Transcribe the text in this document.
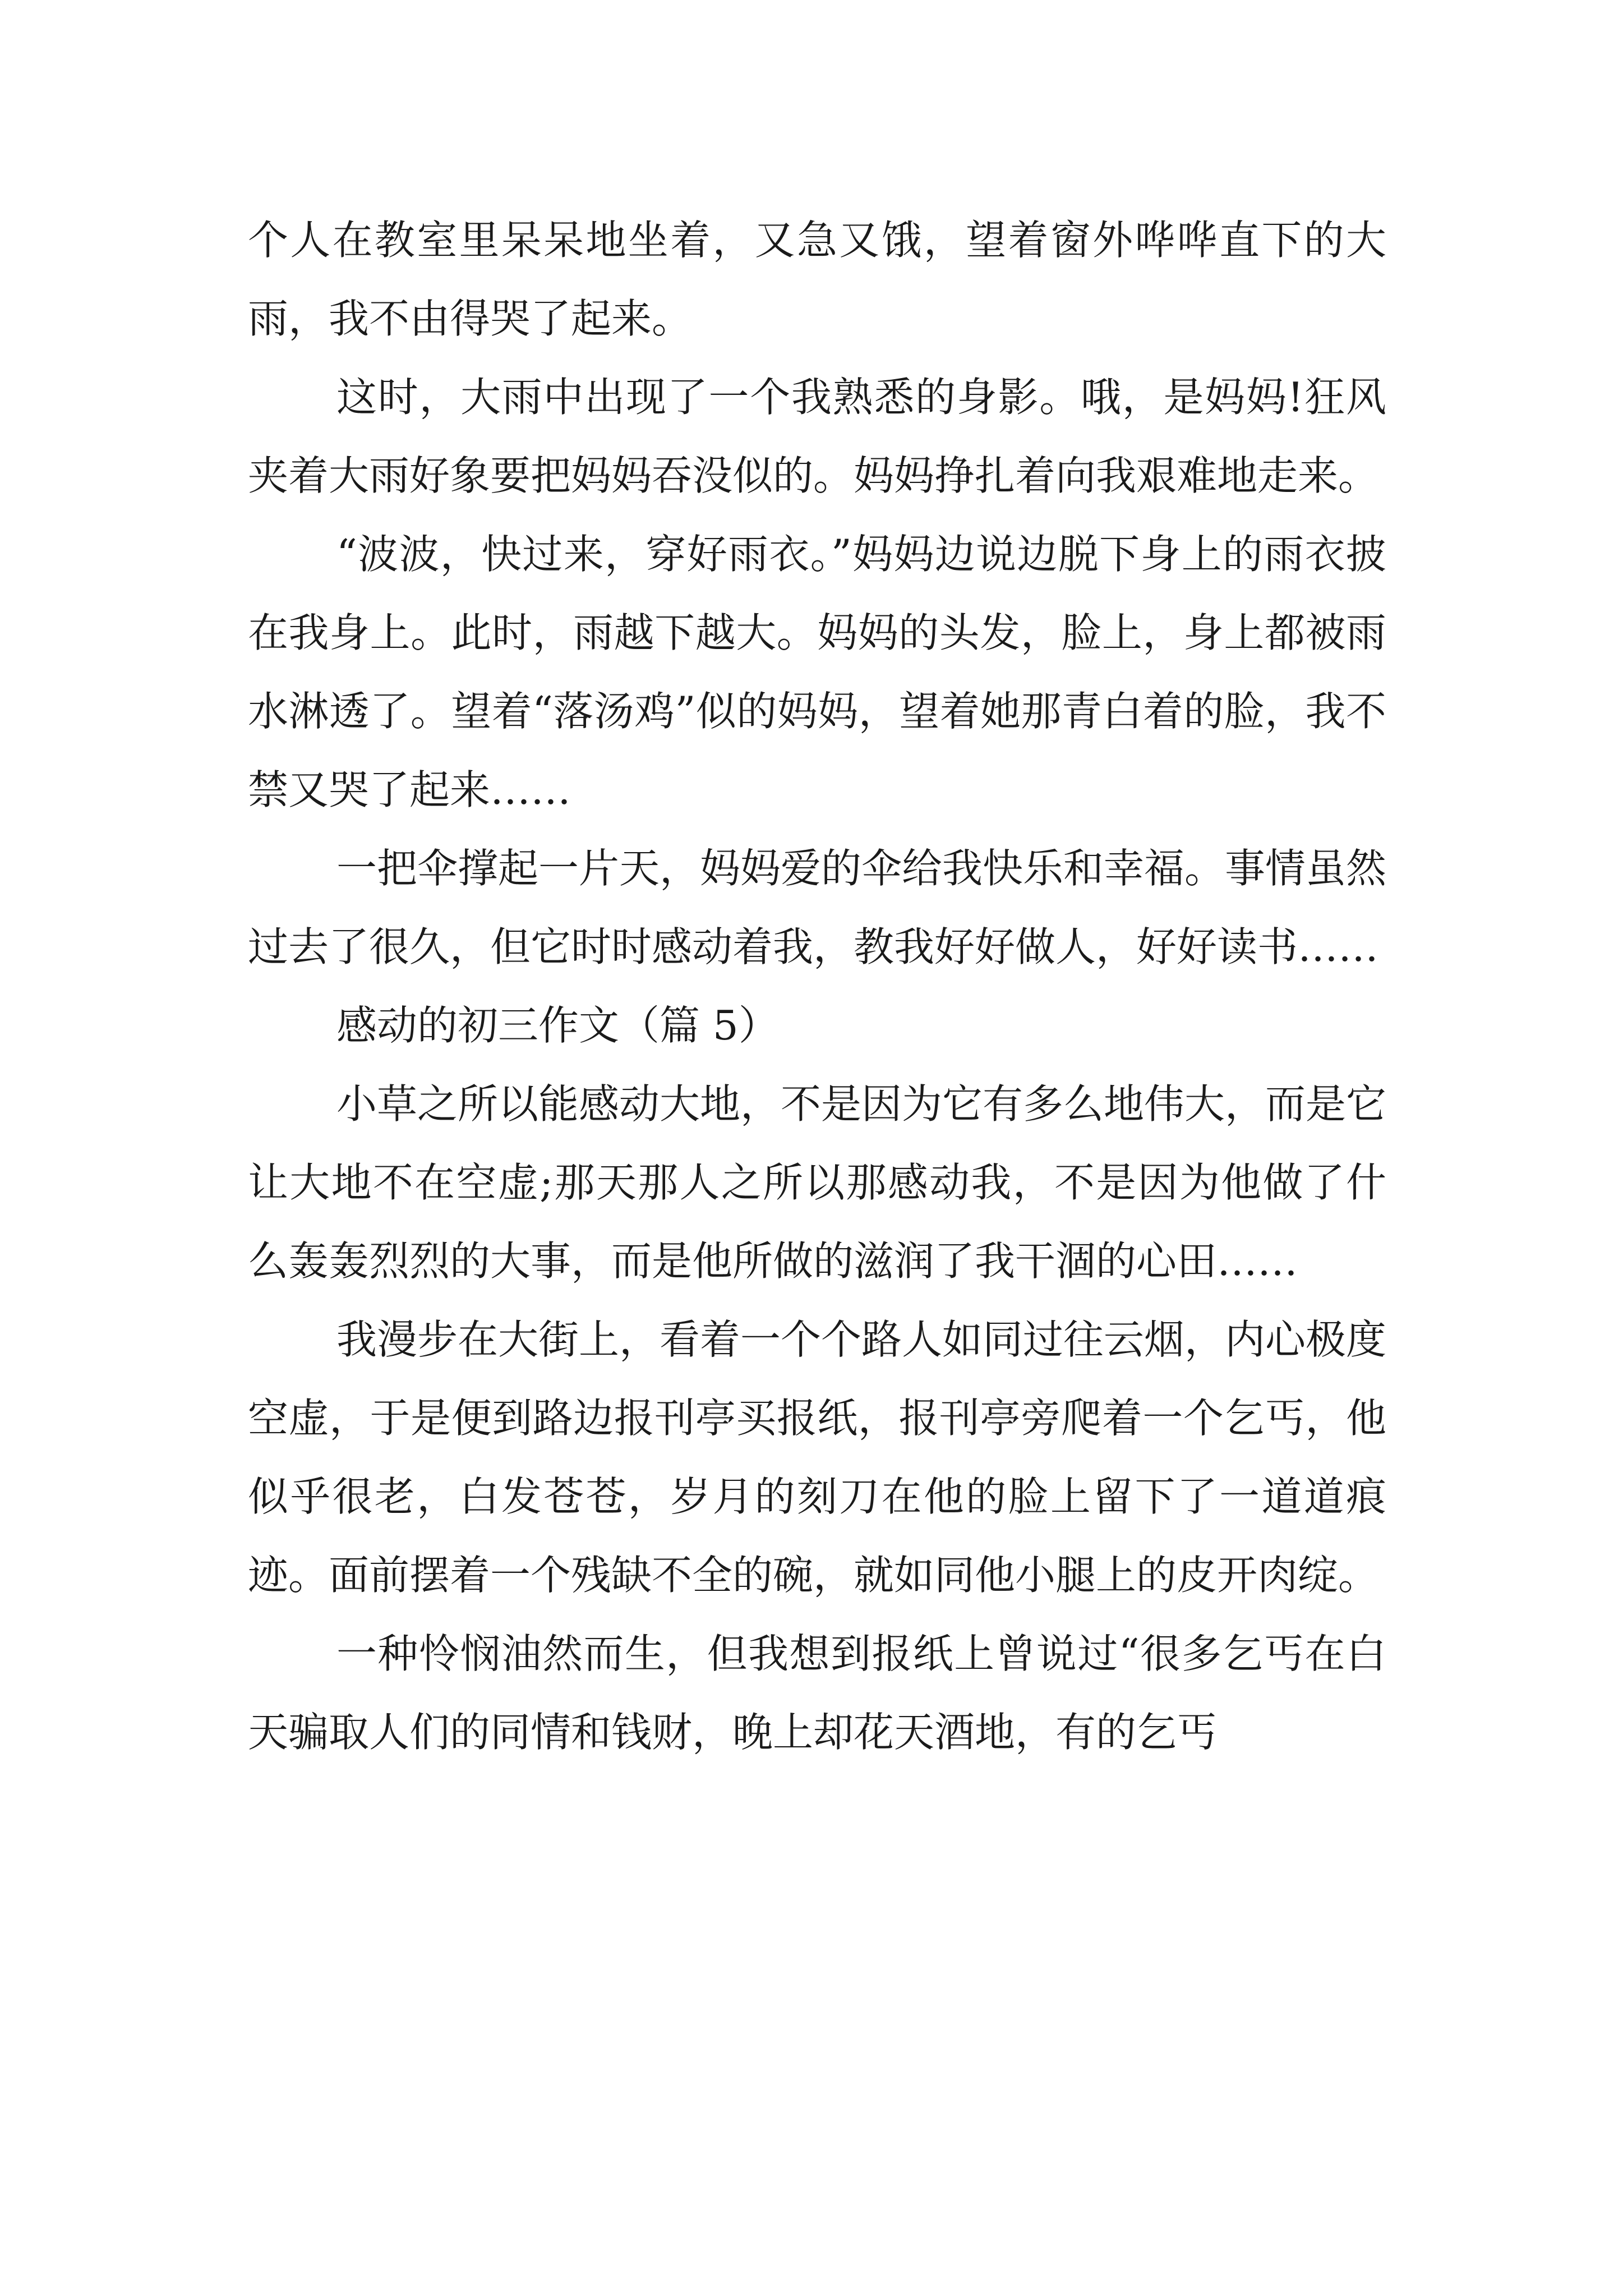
个人在教室里呆呆地坐着，又急又饿，望着窗外哗哗直下的大雨，我不由得哭了起来。

这时，大雨中出现了一个我熟悉的身影。哦，是妈妈!狂风夹着大雨好象要把妈妈吞没似的。妈妈挣扎着向我艰难地走来。

“波波，快过来，穿好雨衣。”妈妈边说边脱下身上的雨衣披在我身上。此时，雨越下越大。妈妈的头发，脸上，身上都被雨水淋透了。望着“落汤鸡”似的妈妈，望着她那青白着的脸，我不禁又哭了起来……

一把伞撑起一片天，妈妈爱的伞给我快乐和幸福。事情虽然过去了很久，但它时时感动着我，教我好好做人，好好读书……

感动的初三作文（篇 5）

小草之所以能感动大地，不是因为它有多么地伟大，而是它让大地不在空虚;那天那人之所以那感动我，不是因为他做了什么轰轰烈烈的大事，而是他所做的滋润了我干涸的心田……

我漫步在大街上，看着一个个路人如同过往云烟，内心极度空虚，于是便到路边报刊亭买报纸，报刊亭旁爬着一个乞丐，他似乎很老，白发苍苍，岁月的刻刀在他的脸上留下了一道道痕迹。面前摆着一个残缺不全的碗，就如同他小腿上的皮开肉绽。

一种怜悯油然而生，但我想到报纸上曾说过“很多乞丐在白天骗取人们的同情和钱财，晚上却花天酒地，有的乞丐
